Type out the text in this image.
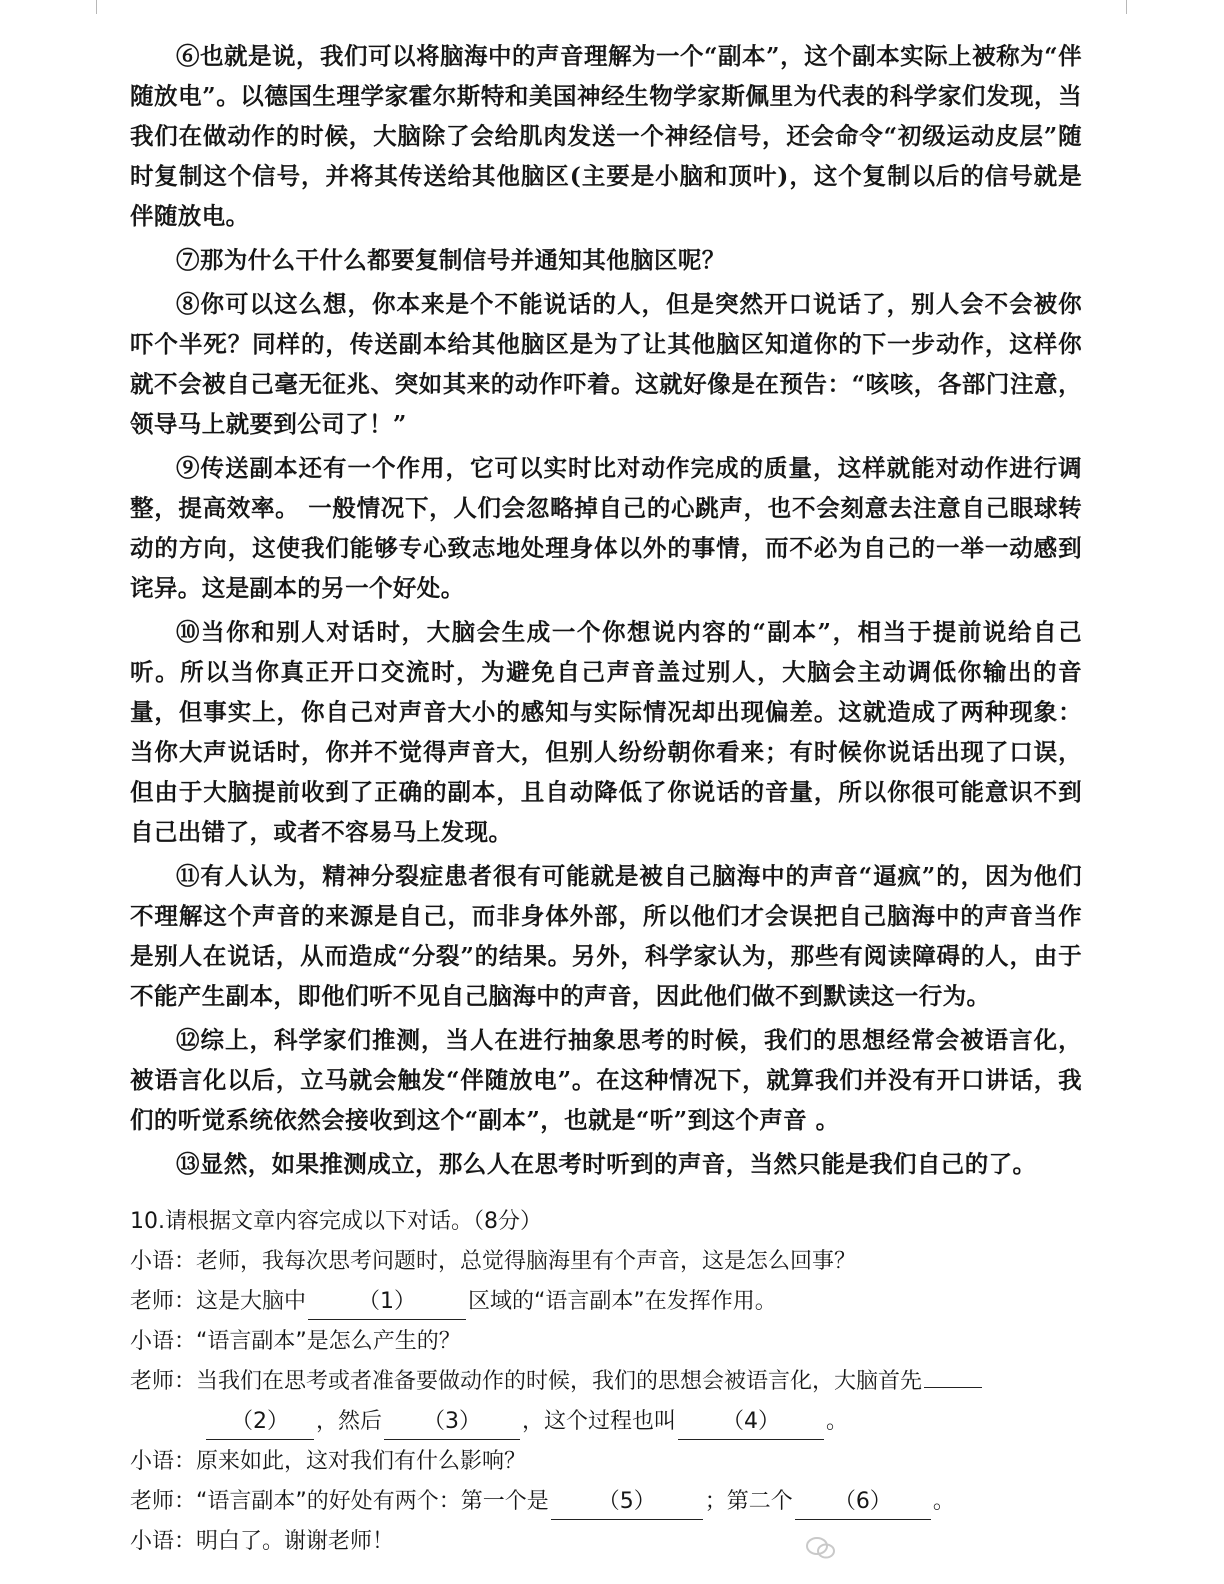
⑥也就是说，我们可以将脑海中的声音理解为一个“副本”，这个副本实际上被称为“伴随放电”。以德国生理学家霍尔斯特和美国神经生物学家斯佩里为代表的科学家们发现，当我们在做动作的时候，大脑除了会给肌肉发送一个神经信号，还会命令“初级运动皮层”随时复制这个信号，并将其传送给其他脑区(主要是小脑和顶叶)，这个复制以后的信号就是伴随放电。

⑦那为什么干什么都要复制信号并通知其他脑区呢？

⑧你可以这么想，你本来是个不能说话的人，但是突然开口说话了，别人会不会被你吓个半死？同样的，传送副本给其他脑区是为了让其他脑区知道你的下一步动作，这样你就不会被自己毫无征兆、突如其来的动作吓着。这就好像是在预告：“咳咳，各部门注意，领导马上就要到公司了！”

⑨传送副本还有一个作用，它可以实时比对动作完成的质量，这样就能对动作进行调整，提高效率。 一般情况下，人们会忽略掉自己的心跳声，也不会刻意去注意自己眼球转动的方向，这使我们能够专心致志地处理身体以外的事情，而不必为自己的一举一动感到诧异。这是副本的另一个好处。

⑩当你和别人对话时，大脑会生成一个你想说内容的“副本”，相当于提前说给自己听。所以当你真正开口交流时，为避免自己声音盖过别人，大脑会主动调低你输出的音量，但事实上，你自己对声音大小的感知与实际情况却出现偏差。这就造成了两种现象：当你大声说话时，你并不觉得声音大，但别人纷纷朝你看来；有时候你说话出现了口误，但由于大脑提前收到了正确的副本，且自动降低了你说话的音量，所以你很可能意识不到自己出错了，或者不容易马上发现。

⑪有人认为，精神分裂症患者很有可能就是被自己脑海中的声音“逼疯”的，因为他们不理解这个声音的来源是自己，而非身体外部，所以他们才会误把自己脑海中的声音当作是别人在说话，从而造成“分裂”的结果。另外，科学家认为，那些有阅读障碍的人，由于不能产生副本，即他们听不见自己脑海中的声音，因此他们做不到默读这一行为。

⑫综上，科学家们推测，当人在进行抽象思考的时候，我们的思想经常会被语言化，被语言化以后，立马就会触发“伴随放电”。在这种情况下，就算我们并没有开口讲话，我们的听觉系统依然会接收到这个“副本”，也就是“听”到这个声音 。

⑬显然，如果推测成立，那么人在思考时听到的声音，当然只能是我们自己的了。

10.请根据文章内容完成以下对话。（8分）

小语：老师，我每次思考问题时，总觉得脑海里有个声音，这是怎么回事？

老师：这是大脑中 （1） 区域的“语言副本”在发挥作用。

小语：“语言副本”是怎么产生的？

老师：当我们在思考或者准备要做动作的时候，我们的思想会被语言化，大脑首先

（2） ，然后 （3） ，这个过程也叫 （4） 。

小语：原来如此，这对我们有什么影响？

老师：“语言副本”的好处有两个：第一个是 （5） ；第二个 （6） 。

小语：明白了。谢谢老师！
